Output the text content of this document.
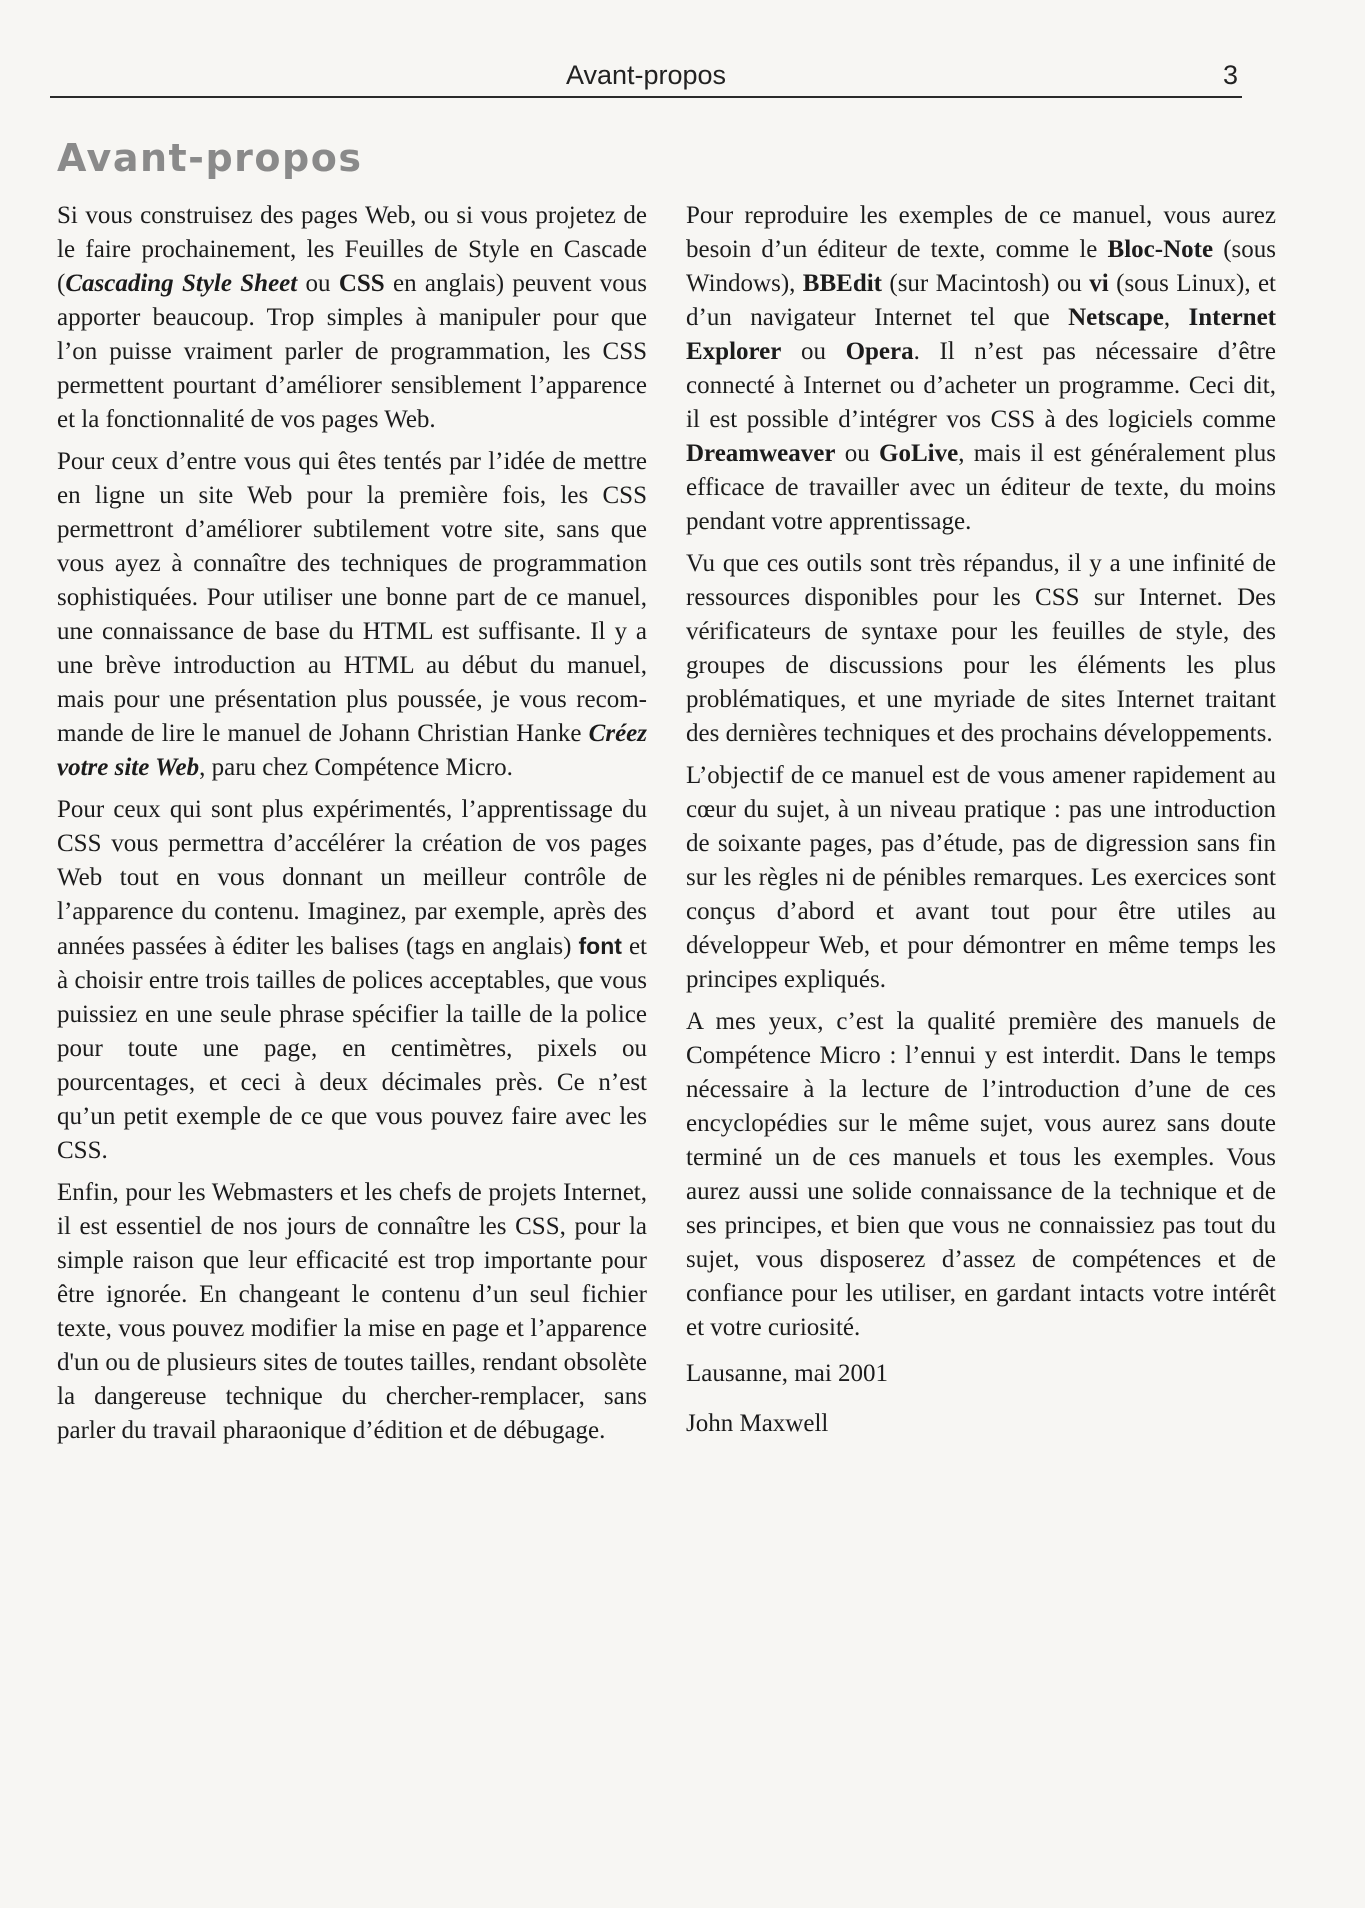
Avant-propos	3
Avant-propos

Si vous construisez des pages Web, ou si vous projetez de le faire prochainement, les Feuilles de Style en Cascade (Cascading Style Sheet ou CSS en anglais) peuvent vous apporter beaucoup. Trop simples à manipuler pour que l’on puisse vraiment parler de programmation, les CSS permettent pourtant d’améliorer sensiblement l’apparence et la fonctionnalité de vos pages Web.

Pour ceux d’entre vous qui êtes tentés par l’idée de mettre en ligne un site Web pour la première fois, les CSS permettront d’améliorer subtilement votre site, sans que vous ayez à connaître des techniques de programmation sophistiquées. Pour utiliser une bonne part de ce manuel, une connaissance de base du HTML est suffisante. Il y a une brève introduction au HTML au début du manuel, mais pour une présentation plus poussée, je vous recommande de lire le manuel de Johann Christian Hanke Créez votre site Web, paru chez Compétence Micro.

Pour ceux qui sont plus expérimentés, l’apprentissage du CSS vous permettra d’accélérer la création de vos pages Web tout en vous donnant un meilleur contrôle de l’apparence du contenu. Imaginez, par exemple, après des années passées à éditer les balises (tags en anglais) font et à choisir entre trois tailles de polices acceptables, que vous puissiez en une seule phrase spécifier la taille de la police pour toute une page, en centimètres, pixels ou pourcentages, et ceci à deux décimales près. Ce n’est qu’un petit exemple de ce que vous pouvez faire avec les CSS.

Enfin, pour les Webmasters et les chefs de projets Internet, il est essentiel de nos jours de connaître les CSS, pour la simple raison que leur efficacité est trop importante pour être ignorée. En changeant le contenu d’un seul fichier texte, vous pouvez modifier la mise en page et l’apparence d'un ou de plusieurs sites de toutes tailles, rendant obsolète la dangereuse technique du chercher-remplacer, sans parler du travail pharaonique d’édition et de débugage.

Pour reproduire les exemples de ce manuel, vous aurez besoin d’un éditeur de texte, comme le Bloc-Note (sous Windows), BBEdit (sur Macintosh) ou vi (sous Linux), et d’un navigateur Internet tel que Netscape, Internet Explorer ou Opera. Il n’est pas nécessaire d’être connecté à Internet ou d’acheter un programme. Ceci dit, il est possible d’intégrer vos CSS à des logiciels comme Dreamweaver ou GoLive, mais il est généralement plus efficace de travailler avec un éditeur de texte, du moins pendant votre apprentissage.

Vu que ces outils sont très répandus, il y a une infinité de ressources disponibles pour les CSS sur Internet. Des vérificateurs de syntaxe pour les feuilles de style, des groupes de discussions pour les éléments les plus problématiques, et une myriade de sites Internet traitant des dernières techniques et des prochains développements.

L’objectif de ce manuel est de vous amener rapidement au cœur du sujet, à un niveau pratique : pas une introduction de soixante pages, pas d’étude, pas de digression sans fin sur les règles ni de pénibles remarques. Les exercices sont conçus d’abord et avant tout pour être utiles au développeur Web, et pour démontrer en même temps les principes expliqués.

A mes yeux, c’est la qualité première des manuels de Compétence Micro : l’ennui y est interdit. Dans le temps nécessaire à la lecture de l’introduction d’une de ces encyclopédies sur le même sujet, vous aurez sans doute terminé un de ces manuels et tous les exemples. Vous aurez aussi une solide connaissance de la technique et de ses principes, et bien que vous ne connaissiez pas tout du sujet, vous disposerez d’assez de compétences et de confiance pour les utiliser, en gardant intacts votre intérêt et votre curiosité.

Lausanne, mai 2001

John Maxwell
